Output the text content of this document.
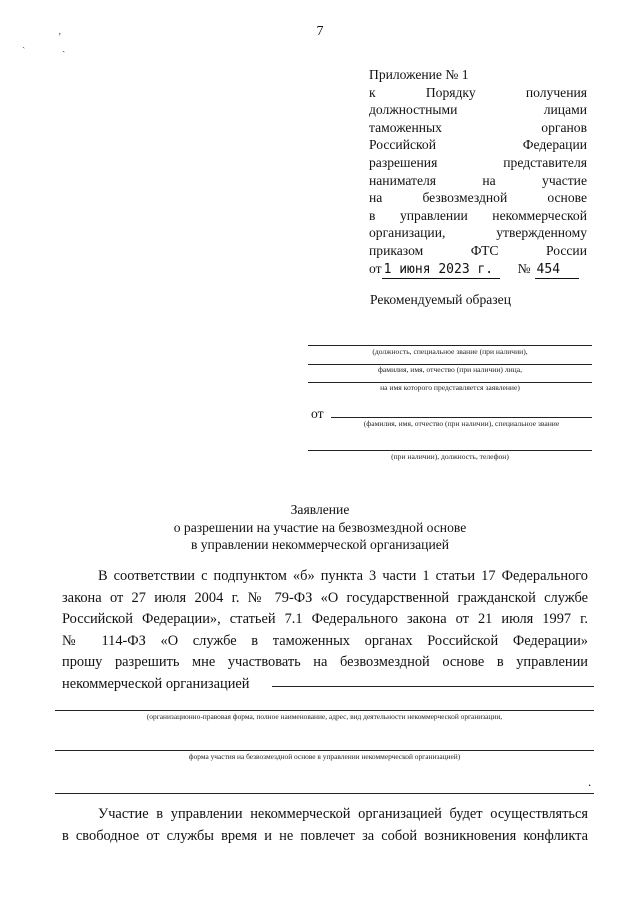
7
ˎ
ʼ
ˎ
Приложение № 1
к Порядку получения
должностными лицами
таможенных органов
Российской Федерации
разрешения представителя
нанимателя на участие
на безвозмездной основе
в управлении некоммерческой
организации, утвержденному
приказом ФТС России
от 1 июня 2023 г.	№ 454
Рекомендуемый образец
(должность, специальное звание (при наличии),
фамилия, имя, отчество (при наличии) лица,
на имя которого представляется заявление)
от
(фамилия, имя, отчество (при наличии), специальное звание
(при наличии), должность, телефон)
Заявление
о разрешении на участие на безвозмездной основе
в управлении некоммерческой организацией
В соответствии с подпунктом «б» пункта 3 части 1 статьи 17 Федерального
закона от 27 июля 2004 г. № 79-ФЗ «О государственной гражданской службе
Российской Федерации», статьей 7.1 Федерального закона от 21 июля 1997 г.
№ 114-ФЗ «О службе в таможенных органах Российской Федерации»
прошу разрешить мне участвовать на безвозмездной основе в управлении
некоммерческой организацией
(организационно-правовая форма, полное наименование, адрес, вид деятельности некоммерческой организации,
форма участия на безвозмездной основе в управлении некоммерческой организацией)
.
Участие в управлении некоммерческой организацией будет осуществляться
в свободное от службы время и не повлечет за собой возникновения конфликта
